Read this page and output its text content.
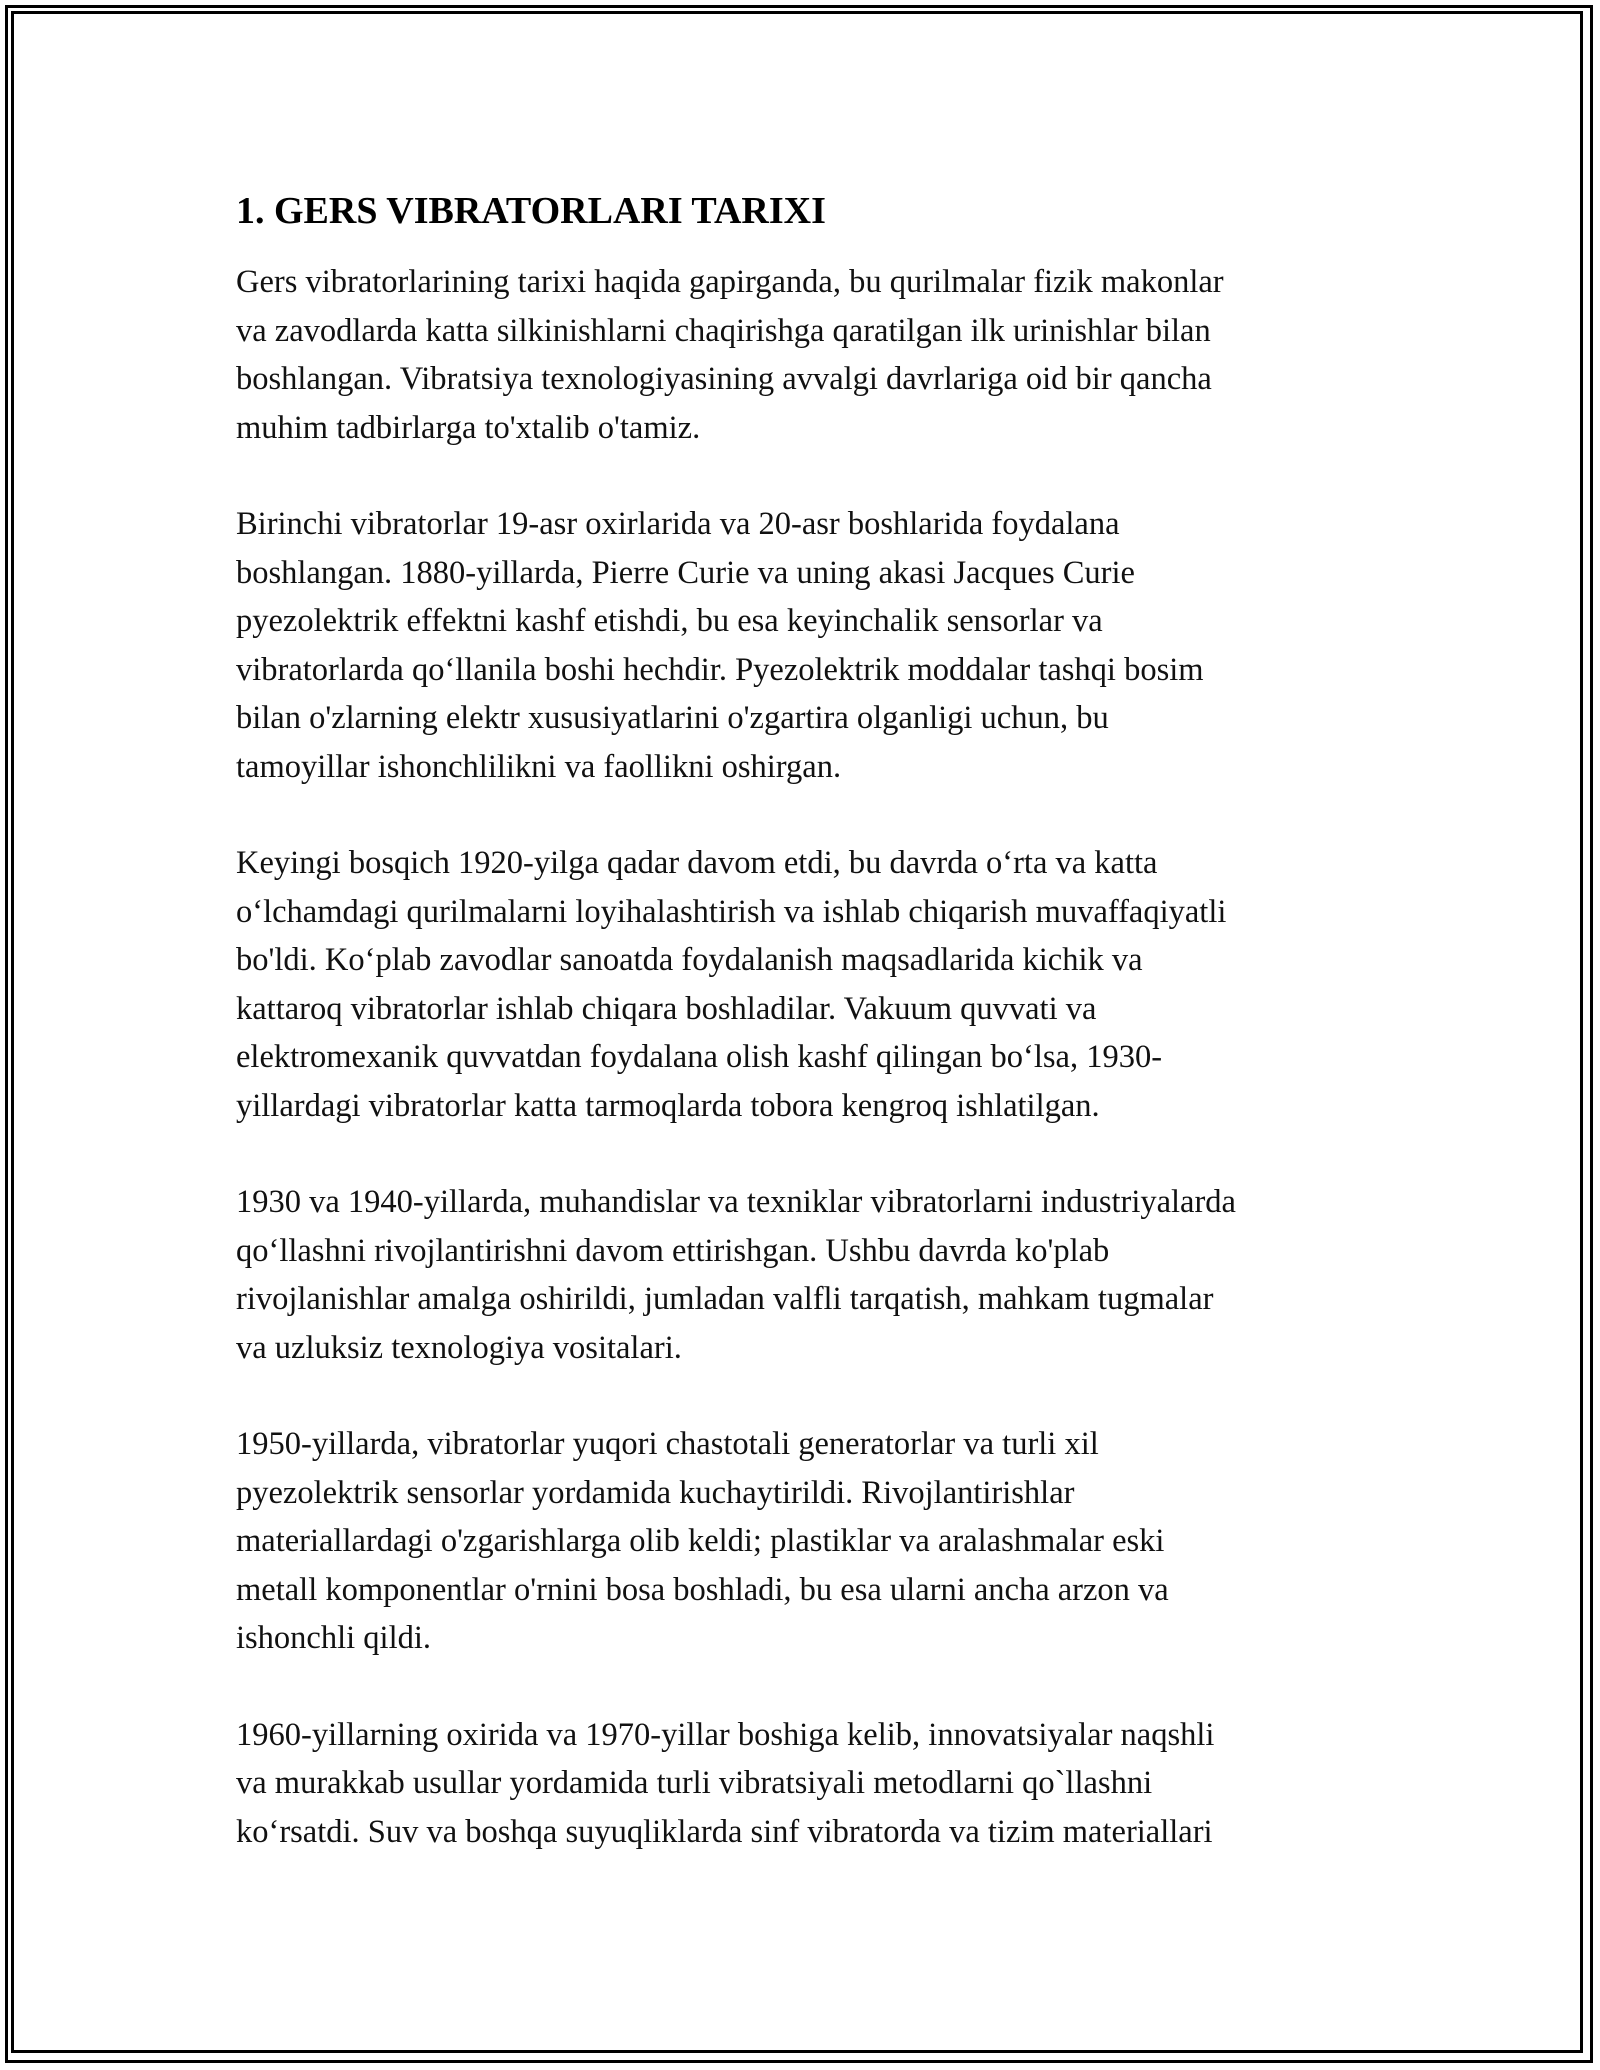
1. GERS VIBRATORLARI TARIXI
Gers vibratorlarining tarixi haqida gapirganda, bu qurilmalar fizik makonlar
va zavodlarda katta silkinishlarni chaqirishga qaratilgan ilk urinishlar bilan
boshlangan. Vibratsiya texnologiyasining avvalgi davrlariga oid bir qancha
muhim tadbirlarga to'xtalib o'tamiz.
Birinchi vibratorlar 19-asr oxirlarida va 20-asr boshlarida foydalana
boshlangan. 1880-yillarda, Pierre Curie va uning akasi Jacques Curie
pyezolektrik effektni kashf etishdi, bu esa keyinchalik sensorlar va
vibratorlarda qo‘llanila boshi hechdir. Pyezolektrik moddalar tashqi bosim
bilan o'zlarning elektr xususiyatlarini o'zgartira olganligi uchun, bu
tamoyillar ishonchlilikni va faollikni oshirgan.
Keyingi bosqich 1920-yilga qadar davom etdi, bu davrda o‘rta va katta
o‘lchamdagi qurilmalarni loyihalashtirish va ishlab chiqarish muvaffaqiyatli
bo'ldi. Ko‘plab zavodlar sanoatda foydalanish maqsadlarida kichik va
kattaroq vibratorlar ishlab chiqara boshladilar. Vakuum quvvati va
elektromexanik quvvatdan foydalana olish kashf qilingan bo‘lsa, 1930-
yillardagi vibratorlar katta tarmoqlarda tobora kengroq ishlatilgan.
1930 va 1940-yillarda, muhandislar va texniklar vibratorlarni industriyalarda
qo‘llashni rivojlantirishni davom ettirishgan. Ushbu davrda ko'plab
rivojlanishlar amalga oshirildi, jumladan valfli tarqatish, mahkam tugmalar
va uzluksiz texnologiya vositalari.
1950-yillarda, vibratorlar yuqori chastotali generatorlar va turli xil
pyezolektrik sensorlar yordamida kuchaytirildi. Rivojlantirishlar
materiallardagi o'zgarishlarga olib keldi; plastiklar va aralashmalar eski
metall komponentlar o'rnini bosa boshladi, bu esa ularni ancha arzon va
ishonchli qildi.
1960-yillarning oxirida va 1970-yillar boshiga kelib, innovatsiyalar naqshli
va murakkab usullar yordamida turli vibratsiyali metodlarni qo`llashni
ko‘rsatdi. Suv va boshqa suyuqliklarda sinf vibratorda va tizim materiallari
